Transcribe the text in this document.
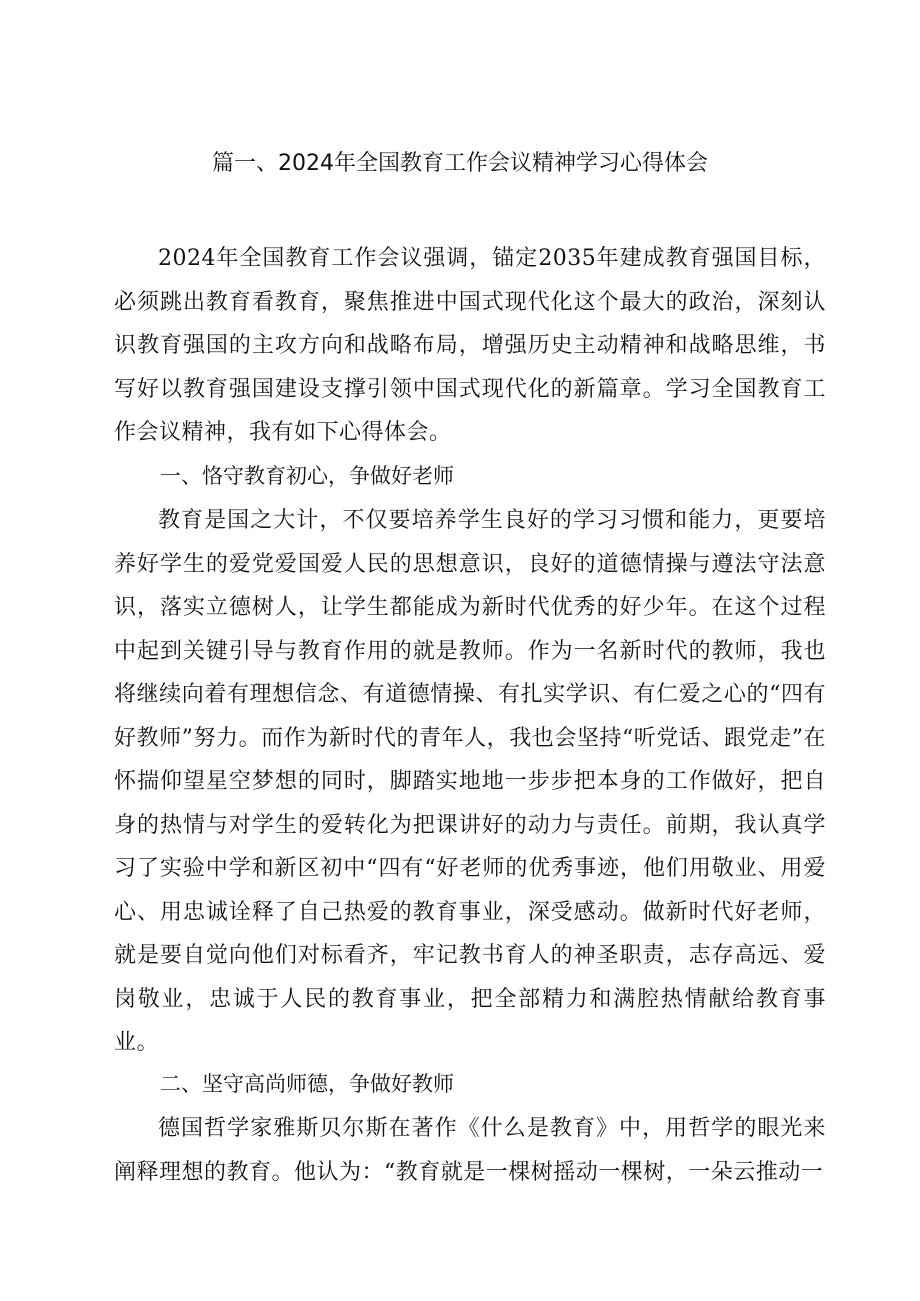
篇一、2024年全国教育工作会议精神学习心得体会

2024年全国教育工作会议强调，锚定2035年建成教育强国目标，必须跳出教育看教育，聚焦推进中国式现代化这个最大的政治，深刻认识教育强国的主攻方向和战略布局，增强历史主动精神和战略思维，书写好以教育强国建设支撑引领中国式现代化的新篇章。学习全国教育工作会议精神，我有如下心得体会。

一、恪守教育初心，争做好老师

教育是国之大计，不仅要培养学生良好的学习习惯和能力，更要培养好学生的爱党爱国爱人民的思想意识，良好的道德情操与遵法守法意识，落实立德树人，让学生都能成为新时代优秀的好少年。在这个过程中起到关键引导与教育作用的就是教师。作为一名新时代的教师，我也将继续向着有理想信念、有道德情操、有扎实学识、有仁爱之心的“四有好教师”努力。而作为新时代的青年人，我也会坚持“听党话、跟党走”在怀揣仰望星空梦想的同时，脚踏实地地一步步把本身的工作做好，把自身的热情与对学生的爱转化为把课讲好的动力与责任。前期，我认真学习了实验中学和新区初中“四有“好老师的优秀事迹，他们用敬业、用爱心、用忠诚诠释了自己热爱的教育事业，深受感动。做新时代好老师，就是要自觉向他们对标看齐，牢记教书育人的神圣职责，志存高远、爱岗敬业，忠诚于人民的教育事业，把全部精力和满腔热情献给教育事业。

二、坚守高尚师德，争做好教师

德国哲学家雅斯贝尔斯在著作《什么是教育》中，用哲学的眼光来阐释理想的教育。他认为：“教育就是一棵树摇动一棵树，一朵云推动一
